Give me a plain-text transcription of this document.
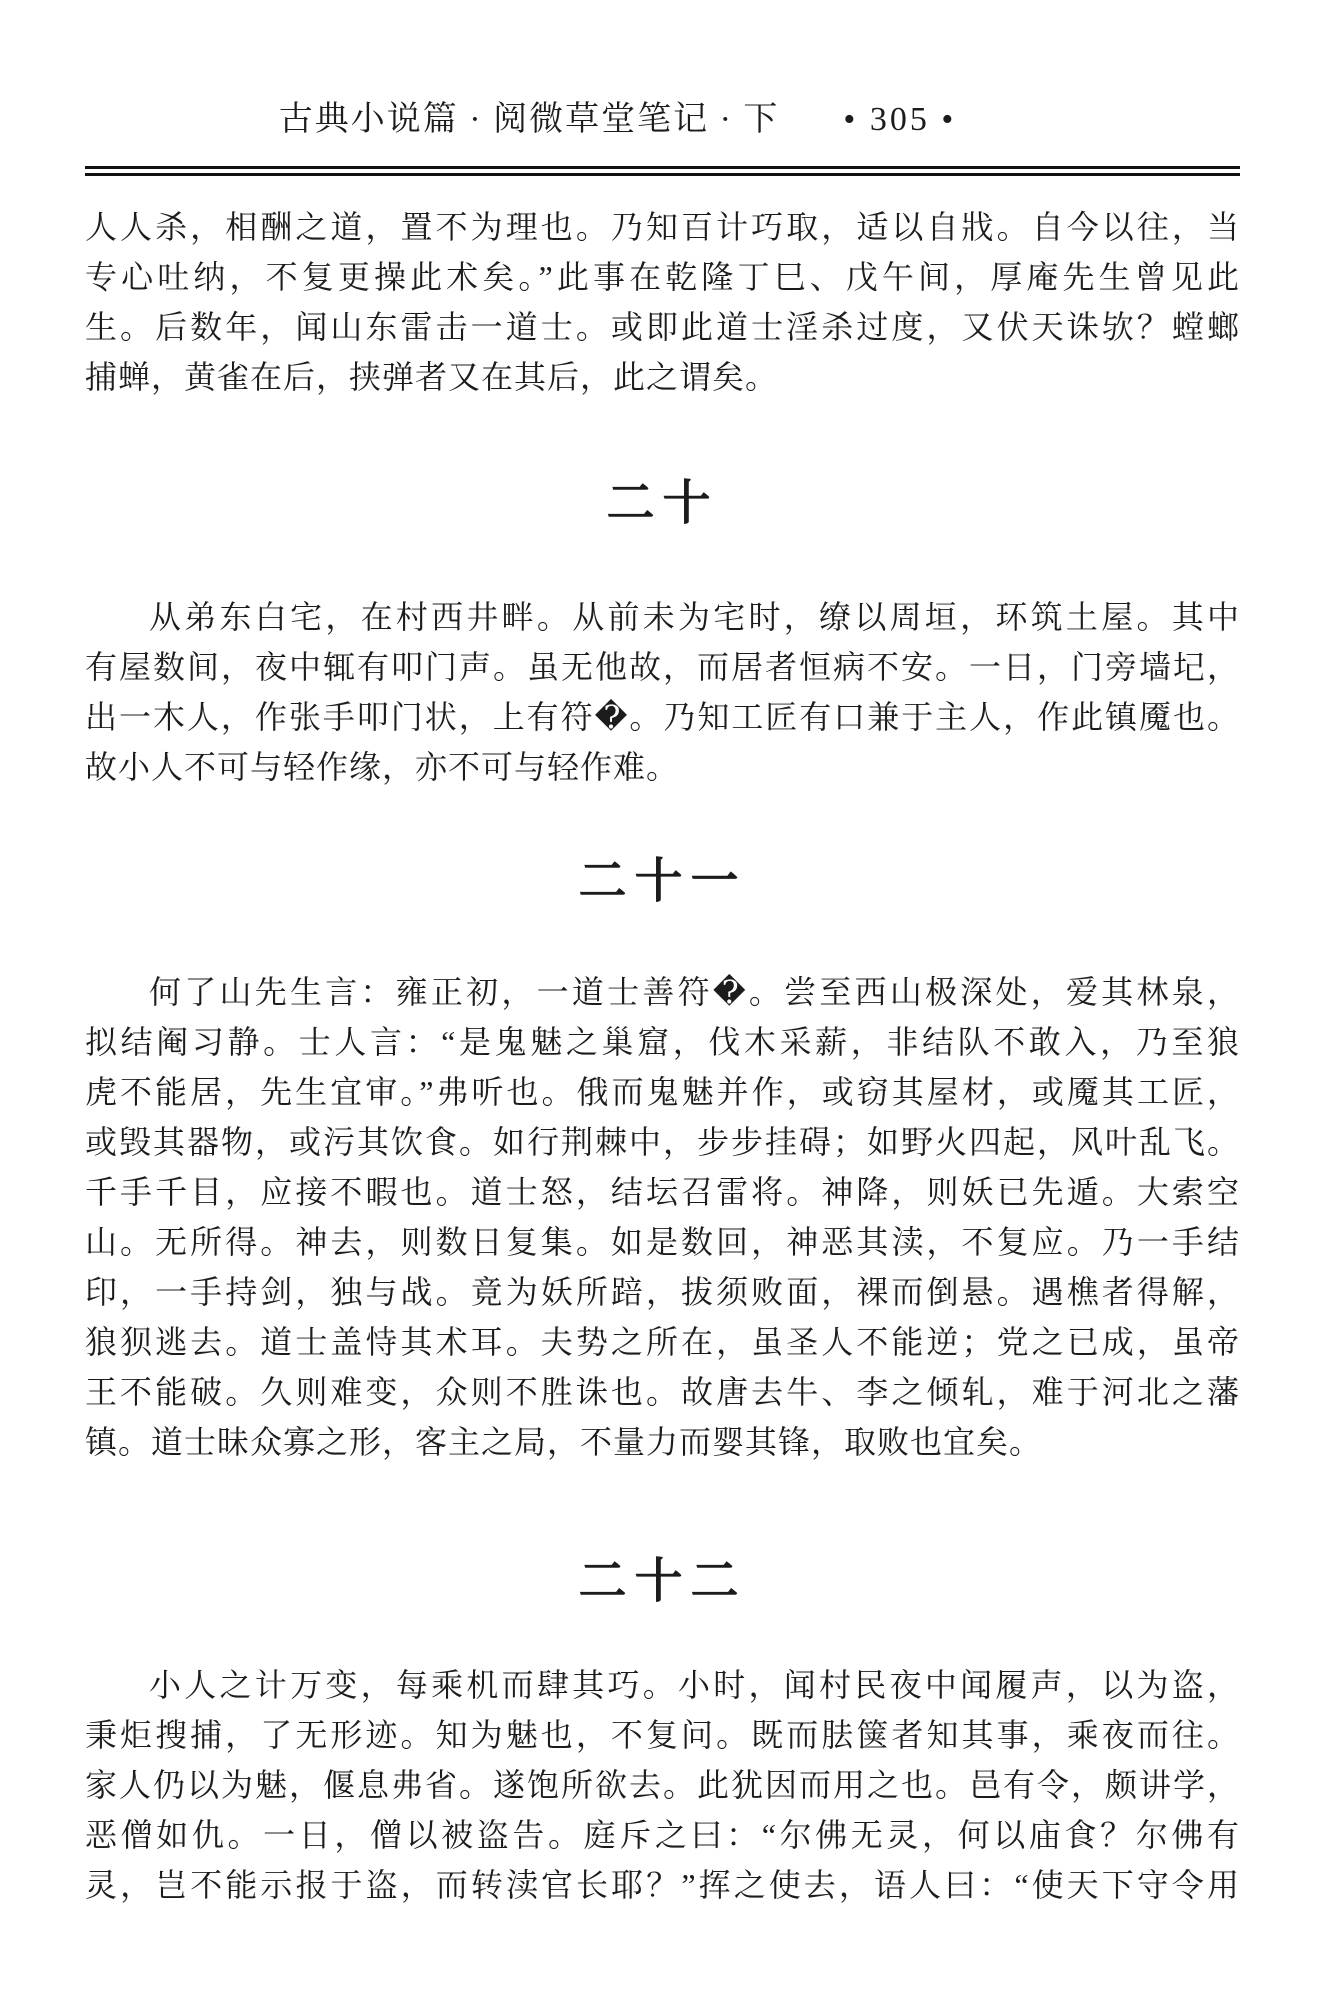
古典小说篇 · 阅微草堂笔记 · 下 • 305 •
人人杀，相酬之道，置不为理也。乃知百计巧取，适以自戕。自今以往，当
专心吐纳，不复更操此术矣。”此事在乾隆丁巳、戊午间，厚庵先生曾见此
生。后数年，闻山东雷击一道士。或即此道士淫杀过度，又伏天诛欤？螳螂
捕蝉，黄雀在后，挟弹者又在其后，此之谓矣。
二十
从弟东白宅，在村西井畔。从前未为宅时，缭以周垣，环筑土屋。其中
有屋数间，夜中辄有叩门声。虽无他故，而居者恒病不安。一日，门旁墙圮，
出一木人，作张手叩门状，上有符�。乃知工匠有口兼于主人，作此镇魇也。
故小人不可与轻作缘，亦不可与轻作难。
二十一
何了山先生言：雍正初，一道士善符�。尝至西山极深处，爱其林泉，
拟结阉习静。士人言：“是鬼魅之巢窟，伐木采薪，非结队不敢入，乃至狼
虎不能居，先生宜审。”弗听也。俄而鬼魅并作，或窃其屋材，或魇其工匠，
或毁其器物，或污其饮食。如行荆棘中，步步挂碍；如野火四起，风叶乱飞。
千手千目，应接不暇也。道士怒，结坛召雷将。神降，则妖已先遁。大索空
山。无所得。神去，则数日复集。如是数回，神恶其渎，不复应。乃一手结
印，一手持剑，独与战。竟为妖所踣，拔须败面，裸而倒悬。遇樵者得解，
狼狈逃去。道士盖恃其术耳。夫势之所在，虽圣人不能逆；党之已成，虽帝
王不能破。久则难变，众则不胜诛也。故唐去牛、李之倾轧，难于河北之藩
镇。道士昧众寡之形，客主之局，不量力而婴其锋，取败也宜矣。
二十二
小人之计万变，每乘机而肆其巧。小时，闻村民夜中闻履声，以为盗，
秉炬搜捕，了无形迹。知为魅也，不复问。既而胠箧者知其事，乘夜而往。
家人仍以为魅，偃息弗省。遂饱所欲去。此犹因而用之也。邑有令，颇讲学，
恶僧如仇。一日，僧以被盗告。庭斥之曰：“尔佛无灵，何以庙食？尔佛有
灵，岂不能示报于盗，而转渎官长耶？”挥之使去，语人曰：“使天下守令用
